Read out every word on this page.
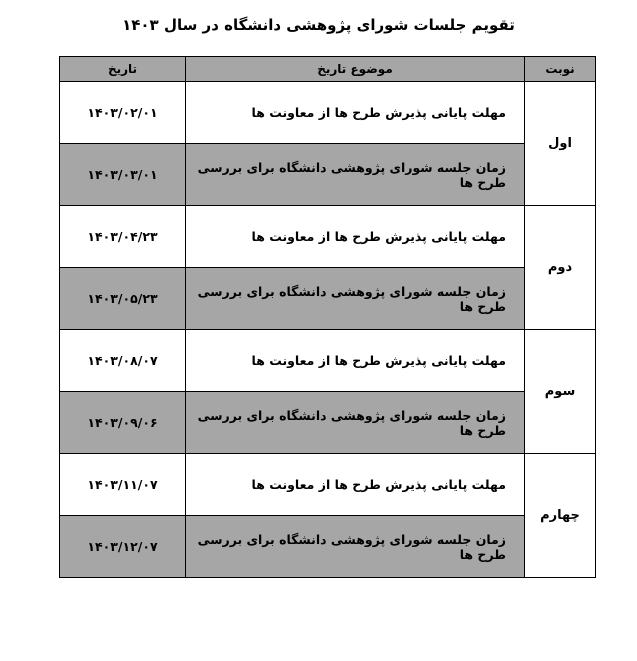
تقویم جلسات شورای پژوهشی دانشگاه در سال ۱۴۰۳
نوبت	موضوع تاریخ	تاریخ
اول	مهلت پایانی پذیرش طرح ها از معاونت ها	۱۴۰۳/۰۲/۰۱
	زمان جلسه شورای پژوهشی دانشگاه برای بررسی طرح ها	۱۴۰۳/۰۳/۰۱
دوم	مهلت پایانی پذیرش طرح ها از معاونت ها	۱۴۰۳/۰۴/۲۳
	زمان جلسه شورای پژوهشی دانشگاه برای بررسی طرح ها	۱۴۰۳/۰۵/۲۳
سوم	مهلت پایانی پذیرش طرح ها از معاونت ها	۱۴۰۳/۰۸/۰۷
	زمان جلسه شورای پژوهشی دانشگاه برای بررسی طرح ها	۱۴۰۳/۰۹/۰۶
چهارم	مهلت پایانی پذیرش طرح ها از معاونت ها	۱۴۰۳/۱۱/۰۷
	زمان جلسه شورای پژوهشی دانشگاه برای بررسی طرح ها	۱۴۰۳/۱۲/۰۷
